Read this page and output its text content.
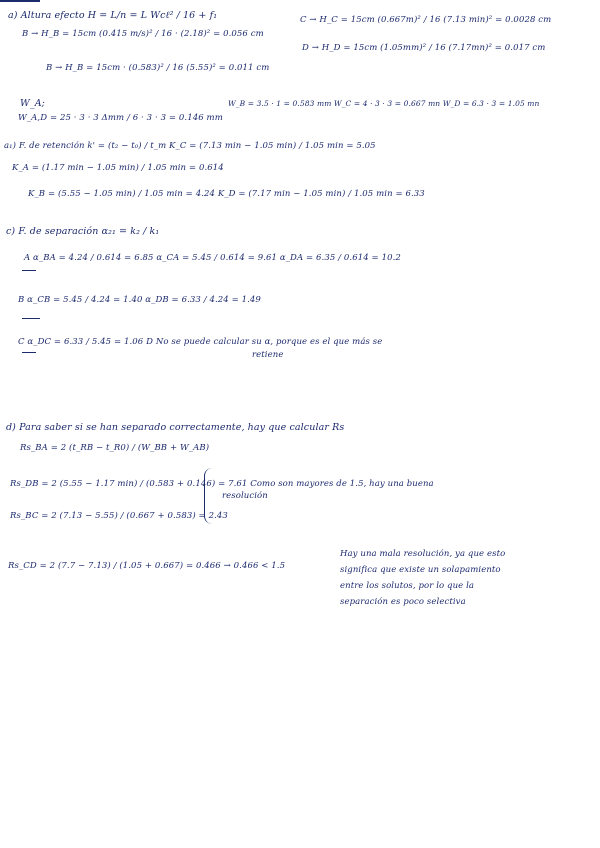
a) Altura efecto H = L/n = L Wcℓ² / 16 + f₁
B → H_B = 15cm (0.415 m/s)² / 16 · (2.18)² = 0.056 cm
C → H_C = 15cm (0.667m)² / 16 (7.13 min)² = 0.0028 cm
B → H_B = 15cm · (0.583)² / 16 (5.55)² = 0.011 cm
D → H_D = 15cm (1.05mm)² / 16 (7.17mn)² = 0.017 cm
W_A;
W_A,D = 25 · 3 · 3 Δmm / 6 · 3 · 3 = 0.146 mm
W_B = 3.5 · 1 = 0.583 mm W_C = 4 · 3 · 3 = 0.667 mn W_D = 6.3 · 3 = 1.05 mn
a₁) F. de retención k' = (t₂ − t₀) / t_m K_C = (7.13 min − 1.05 min) / 1.05 min = 5.05
K_A = (1.17 min − 1.05 min) / 1.05 min = 0.614
K_B = (5.55 − 1.05 min) / 1.05 min = 4.24 K_D = (7.17 min − 1.05 min) / 1.05 min = 6.33
c) F. de separación α₂₁ = k₂ / k₁
A α_BA = 4.24 / 0.614 = 6.85 α_CA = 5.45 / 0.614 = 9.61 α_DA = 6.35 / 0.614 = 10.2
B α_CB = 5.45 / 4.24 = 1.40 α_DB = 6.33 / 4.24 = 1.49
C α_DC = 6.33 / 5.45 = 1.06 D No se puede calcular su α, porque es el que más se
retiene
d) Para saber si se han separado correctamente, hay que calcular Rs
Rs_BA = 2 (t_RB − t_R0) / (W_BB + W_AB)
Rs_DB = 2 (5.55 − 1.17 min) / (0.583 + 0.146) = 7.61 Como son mayores de 1.5, hay una buena
resolución
Rs_BC = 2 (7.13 − 5.55) / (0.667 + 0.583) = 2.43
Rs_CD = 2 (7.7 − 7.13) / (1.05 + 0.667) = 0.466 → 0.466 < 1.5
Hay una mala resolución, ya que esto
significa que existe un solapamiento
entre los solutos, por lo que la
separación es poco selectiva
